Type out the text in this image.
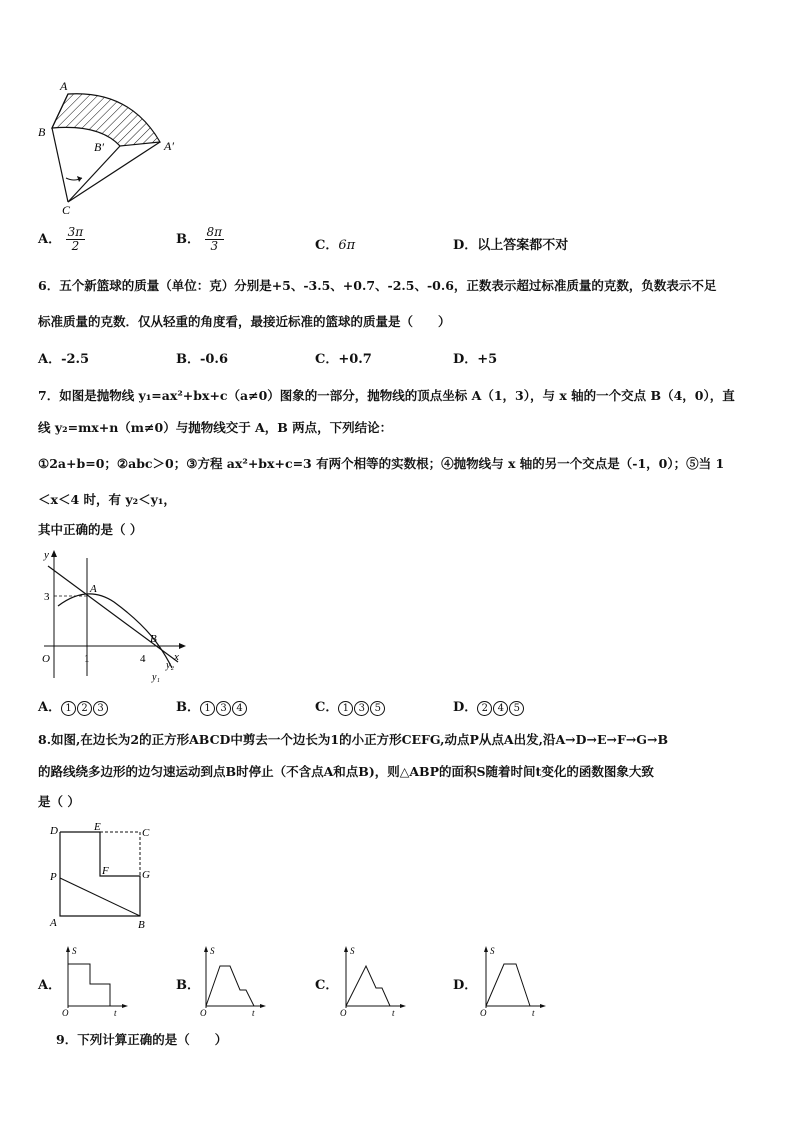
A
B
B′	A′
C
A． $\frac{3\pi}{2}$	B． $\frac{8\pi}{3}$	C．6π	D．以上答案都不对
6．五个新篮球的质量（单位：克）分别是+5、-3.5、+0.7、-2.5、-0.6，正数表示超过标准质量的克数，负数表示不足
标准质量的克数．仅从轻重的角度看，最接近标准的篮球的质量是（　　）
A．-2.5	B．-0.6	C．+0.7	D．+5
7．如图是抛物线 y₁=ax²+bx+c（a≠0）图象的一部分，抛物线的顶点坐标 A（1，3），与 x 轴的一个交点 B（4，0），直
线 y₂=mx+n（m≠0）与抛物线交于 A，B 两点，下列结论：
①2a+b=0；②abc＞0；③方程 ax²+bx+c=3 有两个相等的实数根；④抛物线与 x 轴的另一个交点是（-1，0）；⑤当 1
＜x＜4 时，有 y₂＜y₁，
其中正确的是（ ）
y
x
3
A
B
O	1	4
y₂
y₁
A． 1 2 3	B． 1 3 4	C． 1 3 5	D． 2 4 5
8.如图,在边长为2的正方形ABCD中剪去一个边长为1的小正方形CEFG,动点P从点A出发,沿A→D→E→F→G→B
的路线绕多边形的边匀速运动到点B时停止（不含点A和点B)，则△ABP的面积S随着时间t变化的函数图象大致
是（ ）
D	E	C
P	F	G
A	B
A．
S
O	t
B．
S
O	t
C．
S
O	t
D．
S
O	t
9．下列计算正确的是（　　）
